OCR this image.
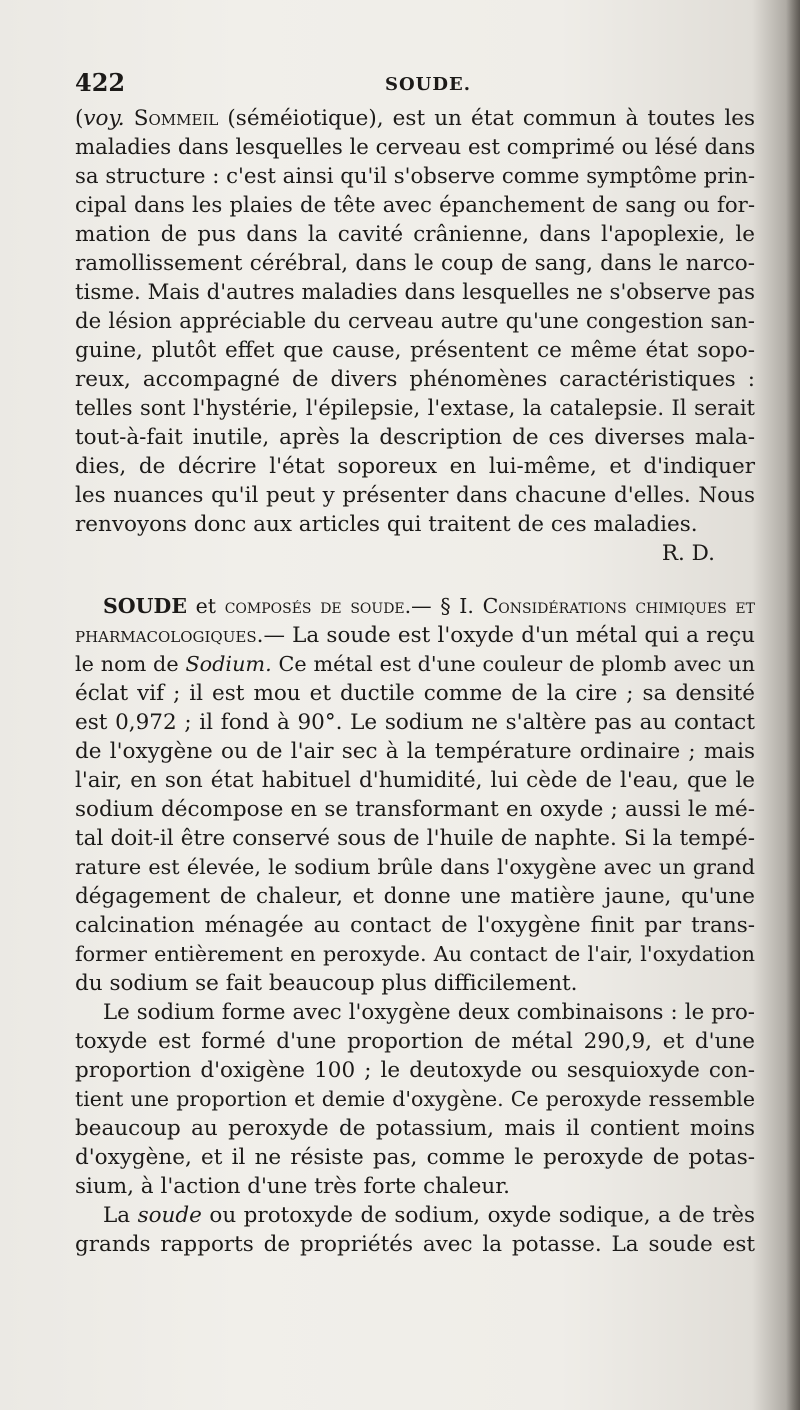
422	SOUDE.
(voy. Sommeil (séméiotique), est un état commun à toutes les
maladies dans lesquelles le cerveau est comprimé ou lésé dans
sa structure : c'est ainsi qu'il s'observe comme symptôme prin-
cipal dans les plaies de tête avec épanchement de sang ou for-
mation de pus dans la cavité crânienne, dans l'apoplexie, le
ramollissement cérébral, dans le coup de sang, dans le narco-
tisme. Mais d'autres maladies dans lesquelles ne s'observe pas
de lésion appréciable du cerveau autre qu'une congestion san-
guine, plutôt effet que cause, présentent ce même état sopo-
reux, accompagné de divers phénomènes caractéristiques :
telles sont l'hystérie, l'épilepsie, l'extase, la catalepsie. Il serait
tout-à-fait inutile, après la description de ces diverses mala-
dies, de décrire l'état soporeux en lui-même, et d'indiquer
les nuances qu'il peut y présenter dans chacune d'elles. Nous
renvoyons donc aux articles qui traitent de ces maladies.
R. D.
SOUDE et composés de soude.— § I. Considérations chimiques et
pharmacologiques.— La soude est l'oxyde d'un métal qui a reçu
le nom de Sodium. Ce métal est d'une couleur de plomb avec un
éclat vif ; il est mou et ductile comme de la cire ; sa densité
est 0,972 ; il fond à 90°. Le sodium ne s'altère pas au contact
de l'oxygène ou de l'air sec à la température ordinaire ; mais
l'air, en son état habituel d'humidité, lui cède de l'eau, que le
sodium décompose en se transformant en oxyde ; aussi le mé-
tal doit-il être conservé sous de l'huile de naphte. Si la tempé-
rature est élevée, le sodium brûle dans l'oxygène avec un grand
dégagement de chaleur, et donne une matière jaune, qu'une
calcination ménagée au contact de l'oxygène finit par trans-
former entièrement en peroxyde. Au contact de l'air, l'oxydation
du sodium se fait beaucoup plus difficilement.
Le sodium forme avec l'oxygène deux combinaisons : le pro-
toxyde est formé d'une proportion de métal 290,9, et d'une
proportion d'oxigène 100 ; le deutoxyde ou sesquioxyde con-
tient une proportion et demie d'oxygène. Ce peroxyde ressemble
beaucoup au peroxyde de potassium, mais il contient moins
d'oxygène, et il ne résiste pas, comme le peroxyde de potas-
sium, à l'action d'une très forte chaleur.
La soude ou protoxyde de sodium, oxyde sodique, a de très
grands rapports de propriétés avec la potasse. La soude est
